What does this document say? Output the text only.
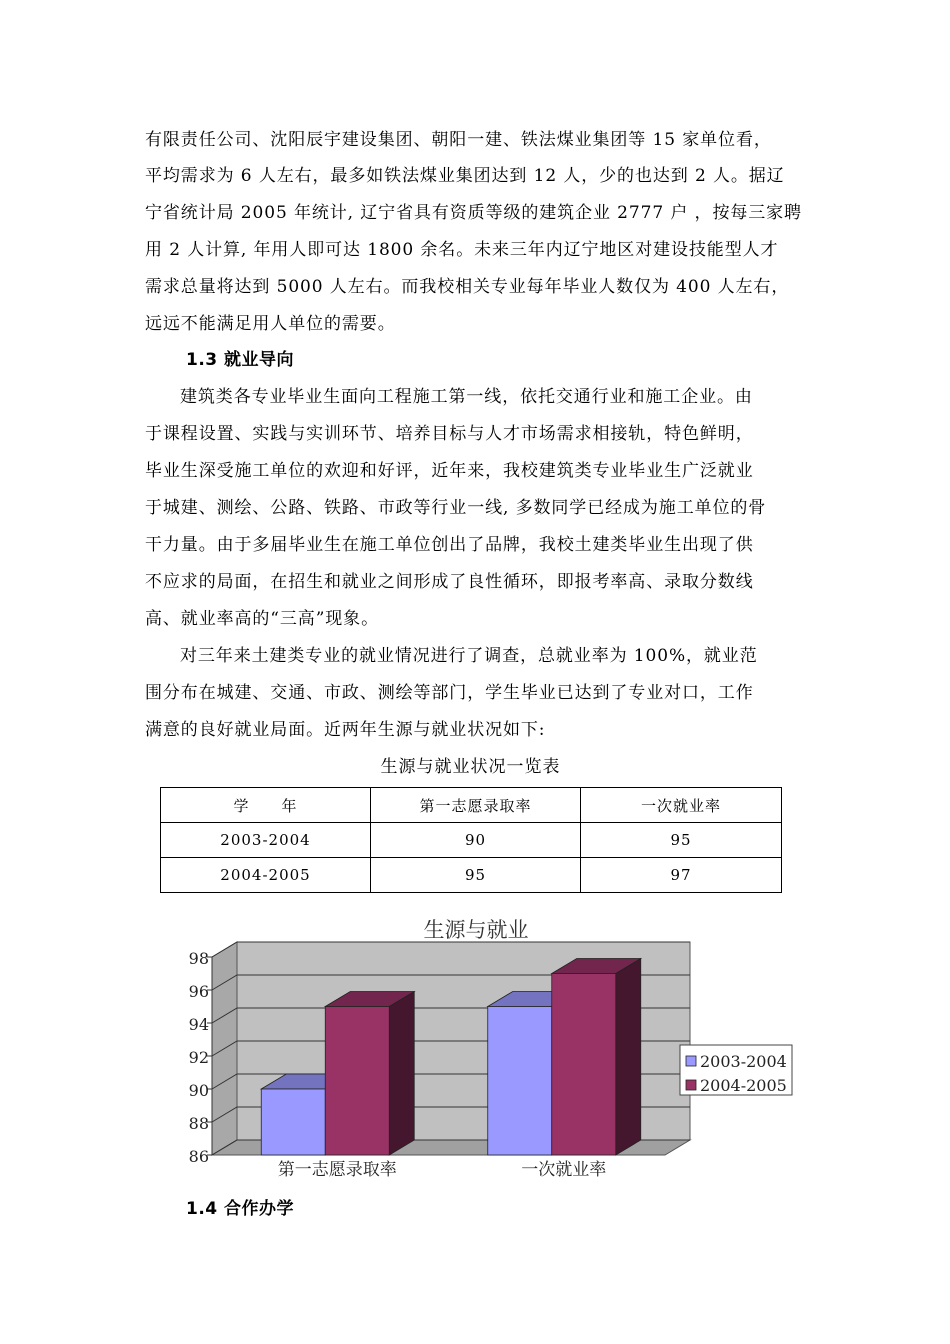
有限责任公司、沈阳辰宇建设集团、朝阳一建、铁法煤业集团等 15 家单位看，
平均需求为 6 人左右，最多如铁法煤业集团达到 12 人，少的也达到 2 人。据辽
宁省统计局 2005 年统计, 辽宁省具有资质等级的建筑企业 2777 户 ，按每三家聘
用 2 人计算, 年用人即可达 1800 余名。未来三年内辽宁地区对建设技能型人才
需求总量将达到 5000 人左右。而我校相关专业每年毕业人数仅为 400 人左右，
远远不能满足用人单位的需要。
1.3 就业导向
建筑类各专业毕业生面向工程施工第一线，依托交通行业和施工企业。由
于课程设置、实践与实训环节、培养目标与人才市场需求相接轨，特色鲜明，
毕业生深受施工单位的欢迎和好评，近年来，我校建筑类专业毕业生广泛就业
于城建、测绘、公路、铁路、市政等行业一线, 多数同学已经成为施工单位的骨
干力量。由于多届毕业生在施工单位创出了品牌，我校土建类毕业生出现了供
不应求的局面，在招生和就业之间形成了良性循环，即报考率高、录取分数线
高、就业率高的“三高”现象。
对三年来土建类专业的就业情况进行了调查，总就业率为 100%，就业范
围分布在城建、交通、市政、测绘等部门，学生毕业已达到了专业对口，工作
满意的良好就业局面。近两年生源与就业状况如下:
生源与就业状况一览表
学　　年	第一志愿录取率	一次就业率
2003-2004	90	95
2004-2005	95	97
生源与就业
86
88
90
92
94
96
98
第一志愿录取率	一次就业率
2003-2004
2004-2005
1.4 合作办学
